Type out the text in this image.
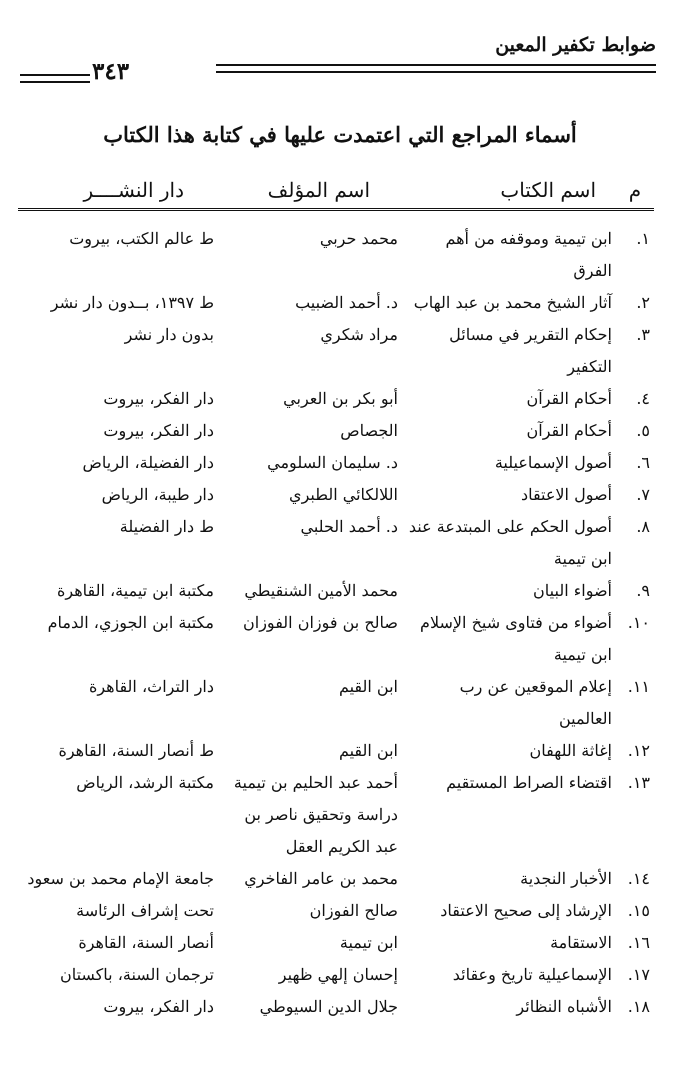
ضوابط تكفير المعين
٣٤٣
أسماء المراجع التي اعتمدت عليها في كتابة هذا الكتاب
م
اسم الكتاب
اسم المؤلف
دار النشــــر
١.
ابن تيمية وموقفه من أهم الفرق
محمد حربي
ط عالم الكتب، بيروت
٢.
آثار الشيخ محمد بن عبد الهاب
د. أحمد الضبيب
ط ١٣٩٧، بــدون دار نشر
٣.
إحكام التقرير في مسائل التكفير
مراد شكري
بدون دار نشر
٤.
أحكام القرآن
أبو بكر بن العربي
دار الفكر، بيروت
٥.
أحكام القرآن
الجصاص
دار الفكر، بيروت
٦.
أصول الإسماعيلية
د. سليمان السلومي
دار الفضيلة، الرياض
٧.
أصول الاعتقاد
اللالكائي الطبري
دار طيبة، الرياض
٨.
أصول الحكم على المبتدعة عند ابن تيمية
د. أحمد الحلبي
ط دار الفضيلة
٩.
أضواء البيان
محمد الأمين الشنقيطي
مكتبة ابن تيمية، القاهرة
١٠.
أضواء من فتاوى شيخ الإسلام ابن تيمية
صالح بن فوزان الفوزان
مكتبة ابن الجوزي، الدمام
١١.
إعلام الموقعين عن رب العالمين
ابن القيم
دار التراث، القاهرة
١٢.
إغاثة اللهفان
ابن القيم
ط أنصار السنة، القاهرة
١٣.
اقتضاء الصراط المستقيم
أحمد عبد الحليم بن تيمية دراسة وتحقيق ناصر بن عبد الكريم العقل
مكتبة الرشد، الرياض
١٤.
الأخبار النجدية
محمد بن عامر الفاخري
جامعة الإمام محمد بن سعود
١٥.
الإرشاد إلى صحيح الاعتقاد
صالح الفوزان
تحت إشراف الرئاسة
١٦.
الاستقامة
ابن تيمية
أنصار السنة، القاهرة
١٧.
الإسماعيلية تاريخ وعقائد
إحسان إلهي ظهير
ترجمان السنة، باكستان
١٨.
الأشباه النظائر
جلال الدين السيوطي
دار الفكر، بيروت
